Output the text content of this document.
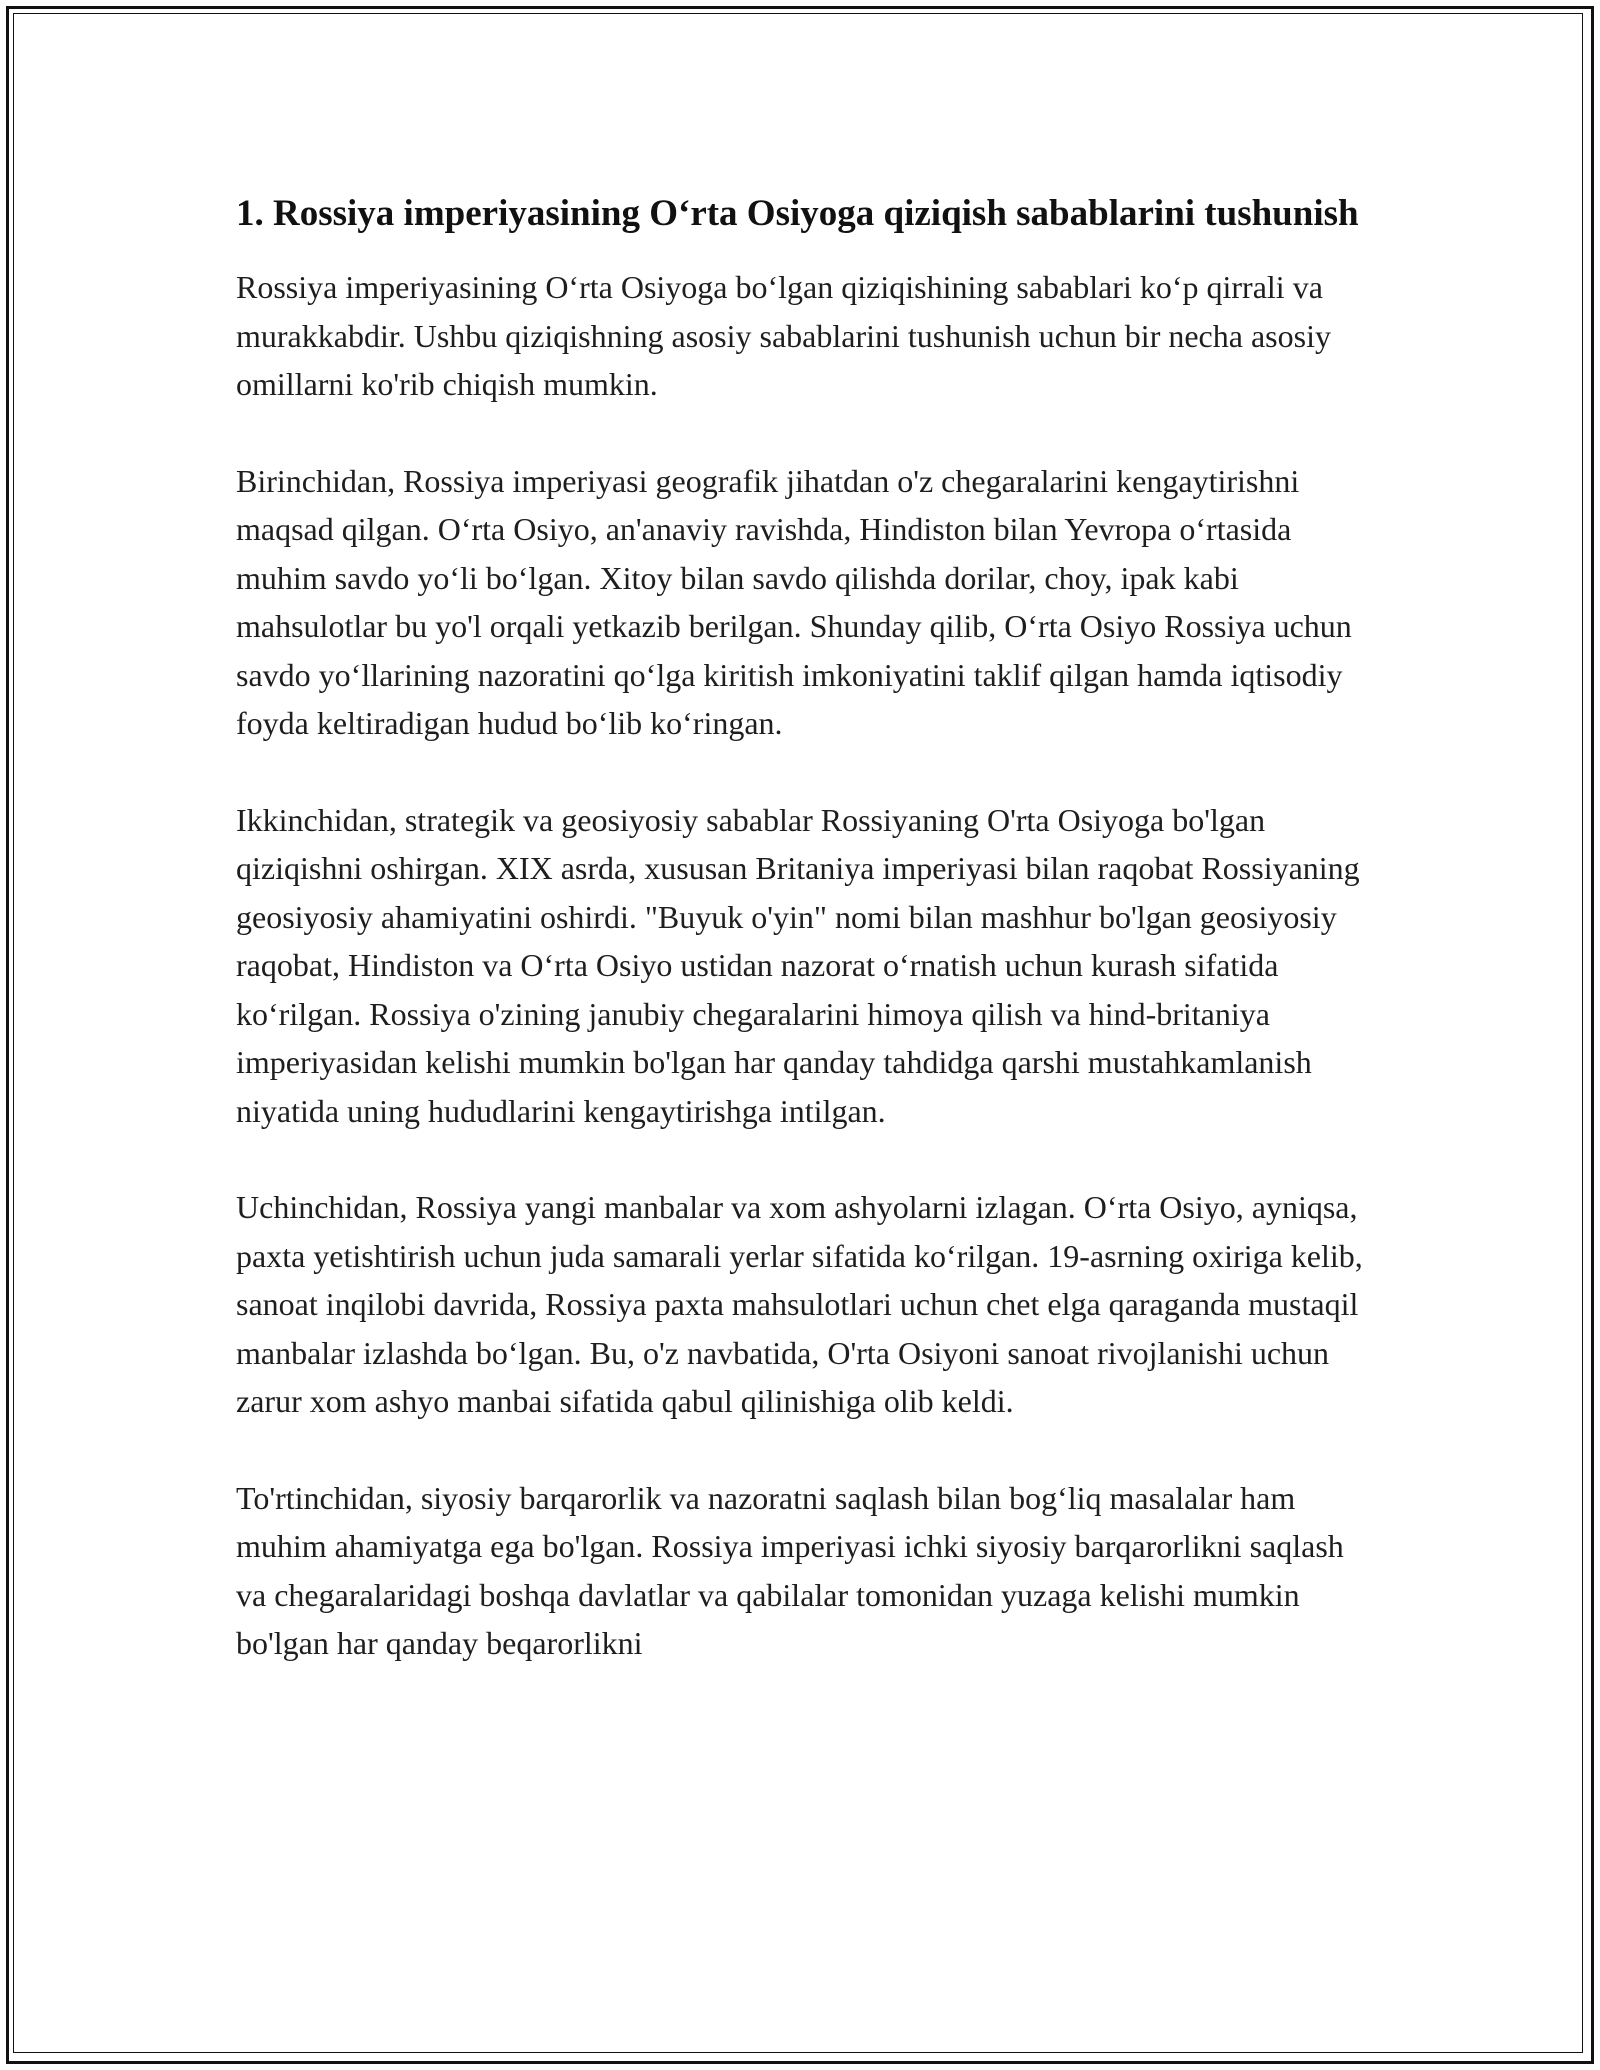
1. Rossiya imperiyasining O‘rta Osiyoga qiziqish sabablarini tushunish

Rossiya imperiyasining O‘rta Osiyoga bo‘lgan qiziqishining sabablari ko‘p qirrali va murakkabdir. Ushbu qiziqishning asosiy sabablarini tushunish uchun bir necha asosiy omillarni ko'rib chiqish mumkin.

Birinchidan, Rossiya imperiyasi geografik jihatdan o'z chegaralarini kengaytirishni maqsad qilgan. O‘rta Osiyo, an'anaviy ravishda, Hindiston bilan Yevropa o‘rtasida muhim savdo yo‘li bo‘lgan. Xitoy bilan savdo qilishda dorilar, choy, ipak kabi mahsulotlar bu yo'l orqali yetkazib berilgan. Shunday qilib, O‘rta Osiyo Rossiya uchun savdo yo‘llarining nazoratini qo‘lga kiritish imkoniyatini taklif qilgan hamda iqtisodiy foyda keltiradigan hudud bo‘lib ko‘ringan.

Ikkinchidan, strategik va geosiyosiy sabablar Rossiyaning O'rta Osiyoga bo'lgan qiziqishni oshirgan. XIX asrda, xususan Britaniya imperiyasi bilan raqobat Rossiyaning geosiyosiy ahamiyatini oshirdi. "Buyuk o'yin" nomi bilan mashhur bo'lgan geosiyosiy raqobat, Hindiston va O‘rta Osiyo ustidan nazorat o‘rnatish uchun kurash sifatida ko‘rilgan. Rossiya o'zining janubiy chegaralarini himoya qilish va hind-britaniya imperiyasidan kelishi mumkin bo'lgan har qanday tahdidga qarshi mustahkamlanish niyatida uning hududlarini kengaytirishga intilgan.

Uchinchidan, Rossiya yangi manbalar va xom ashyolarni izlagan. O‘rta Osiyo, ayniqsa, paxta yetishtirish uchun juda samarali yerlar sifatida ko‘rilgan. 19-asrning oxiriga kelib, sanoat inqilobi davrida, Rossiya paxta mahsulotlari uchun chet elga qaraganda mustaqil manbalar izlashda bo‘lgan. Bu, o'z navbatida, O'rta Osiyoni sanoat rivojlanishi uchun zarur xom ashyo manbai sifatida qabul qilinishiga olib keldi.

To'rtinchidan, siyosiy barqarorlik va nazoratni saqlash bilan bog‘liq masalalar ham muhim ahamiyatga ega bo'lgan. Rossiya imperiyasi ichki siyosiy barqarorlikni saqlash va chegaralaridagi boshqa davlatlar va qabilalar tomonidan yuzaga kelishi mumkin bo'lgan har qanday beqarorlikni
